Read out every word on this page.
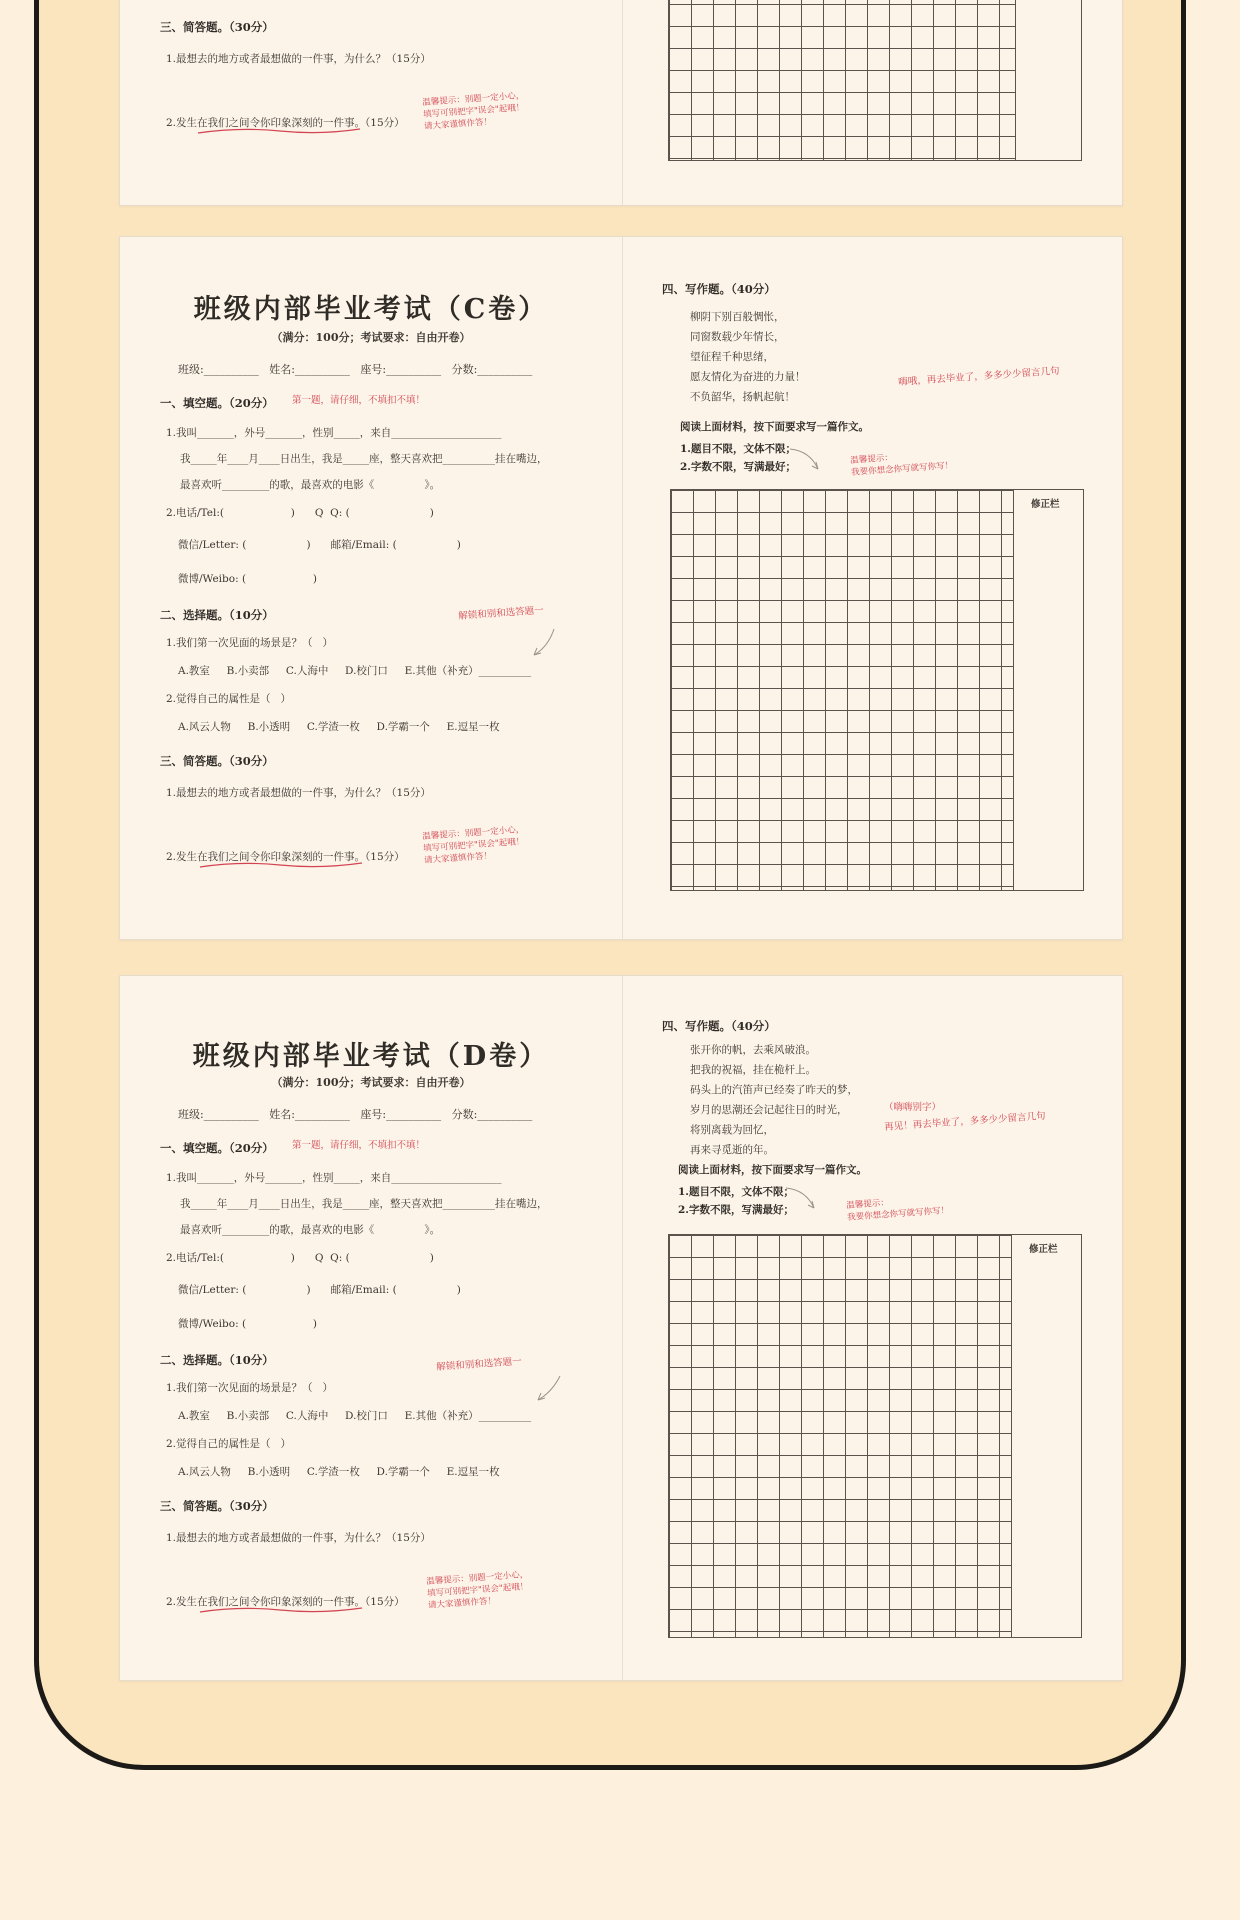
三、简答题。（30分）
1.最想去的地方或者最想做的一件事，为什么？（15分）
2.发生在我们之间令你印象深刻的一件事。（15分）
温馨提示：别题一定小心，
填写可别把字"误会"起哦！
请大家谨慎作答！
班级内部毕业考试（C卷）
（满分：100分；考试要求：自由开卷）
班级:__________   姓名:__________   座号:__________   分数:__________
一、填空题。（20分） 第一题，请仔细，不填扣不填！
1.我叫_______，外号_______，性别_____，来自_____________________
我_____年____月____日出生，我是_____座，整天喜欢把__________挂在嘴边，
最喜欢听_________的歌，最喜欢的电影《               》。
2.电话/Tel:(                    )      Q  Q: (                        )
微信/Letter: (                  )      邮箱/Email: (                  )
微博/Weibo: (                    )
二、选择题。（10分）	解锁和别和选答题一
1.我们第一次见面的场景是？（   ）
A.教室     B.小卖部     C.人海中     D.校门口     E.其他（补充）__________
2.觉得自己的属性是（   ）
A.风云人物     B.小透明     C.学渣一枚     D.学霸一个     E.逗星一枚
三、简答题。（30分）
1.最想去的地方或者最想做的一件事，为什么？（15分）
2.发生在我们之间令你印象深刻的一件事。（15分）
温馨提示：别题一定小心，
填写可别把字"误会"起哦！
请大家谨慎作答！
四、写作题。（40分）
柳阴下别百般惆怅，
同窗数载少年情长，
望征程千种思绪，
愿友情化为奋进的力量！
不负韶华，扬帆起航！
嗨哦，再去毕业了，多多少少留言几句
阅读上面材料，按下面要求写一篇作文。
1.题目不限，文体不限；
2.字数不限，写满最好；
温馨提示：
我要你想念你写就写你写！
修正栏
班级内部毕业考试（D卷）
（满分：100分；考试要求：自由开卷）
班级:__________   姓名:__________   座号:__________   分数:__________
一、填空题。（20分） 第一题，请仔细，不填扣不填！
1.我叫_______，外号_______，性别_____，来自_____________________
我_____年____月____日出生，我是_____座，整天喜欢把__________挂在嘴边，
最喜欢听_________的歌，最喜欢的电影《               》。
2.电话/Tel:(                    )      Q  Q: (                        )
微信/Letter: (                  )      邮箱/Email: (                  )
微博/Weibo: (                    )
二、选择题。（10分）	解锁和别和选答题一
1.我们第一次见面的场景是？（   ）
A.教室     B.小卖部     C.人海中     D.校门口     E.其他（补充）__________
2.觉得自己的属性是（   ）
A.风云人物     B.小透明     C.学渣一枚     D.学霸一个     E.逗星一枚
三、简答题。（30分）
1.最想去的地方或者最想做的一件事，为什么？（15分）
2.发生在我们之间令你印象深刻的一件事。（15分）
温馨提示：别题一定小心，
填写可别把字"误会"起哦！
请大家谨慎作答！
四、写作题。（40分）
张开你的帆，去乘风破浪。
把我的祝福，挂在桅杆上。
码头上的汽笛声已经奏了昨天的梦，
岁月的思潮还会记起往日的时光，
将别离载为回忆，
再来寻觅逝的年。
（嗨嗨别字）
再见！再去毕业了，多多少少留言几句
阅读上面材料，按下面要求写一篇作文。
1.题目不限，文体不限；
2.字数不限，写满最好；	温馨提示：
我要你想念你写就写你写！
修正栏
